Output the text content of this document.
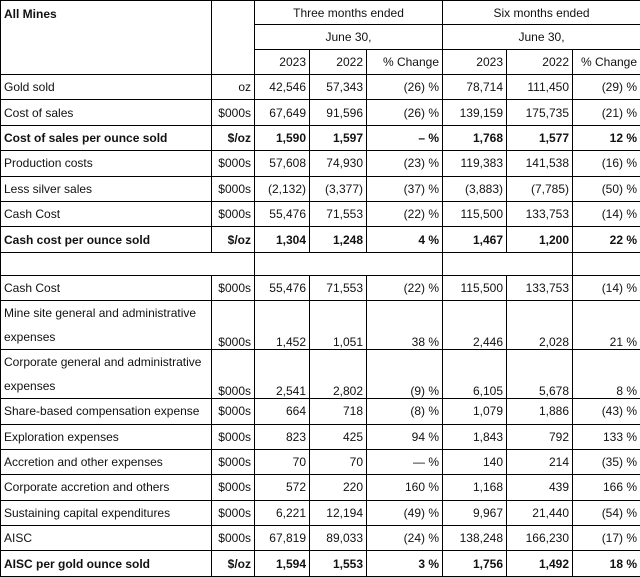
All Mines		Three months ended			Six months ended		
		June 30,			June 30,		
		2023	2022	% Change	2023	2022	% Change
Gold sold	oz	42,546	57,343	(26) %	78,714	111,450	(29) %
Cost of sales	$000s	67,649	91,596	(26) %	139,159	175,735	(21) %
Cost of sales per ounce sold	$/oz	1,590	1,597	– %	1,768	1,577	12 %
Production costs	$000s	57,608	74,930	(23) %	119,383	141,538	(16) %
Less silver sales	$000s	(2,132)	(3,377)	(37) %	(3,883)	(7,785)	(50) %
Cash Cost	$000s	55,476	71,553	(22) %	115,500	133,753	(14) %
Cash cost per ounce sold	$/oz	1,304	1,248	4 %	1,467	1,200	22 %

Cash Cost	$000s	55,476	71,553	(22) %	115,500	133,753	(14) %
Mine site general and administrative expenses	$000s	1,452	1,051	38 %	2,446	2,028	21 %
Corporate general and administrative expenses	$000s	2,541	2,802	(9) %	6,105	5,678	8 %
Share-based compensation expense	$000s	664	718	(8) %	1,079	1,886	(43) %
Exploration expenses	$000s	823	425	94 %	1,843	792	133 %
Accretion and other expenses	$000s	70	70	— %	140	214	(35) %
Corporate accretion and others	$000s	572	220	160 %	1,168	439	166 %
Sustaining capital expenditures	$000s	6,221	12,194	(49) %	9,967	21,440	(54) %
AISC	$000s	67,819	89,033	(24) %	138,248	166,230	(17) %
AISC per gold ounce sold	$/oz	1,594	1,553	3 %	1,756	1,492	18 %
